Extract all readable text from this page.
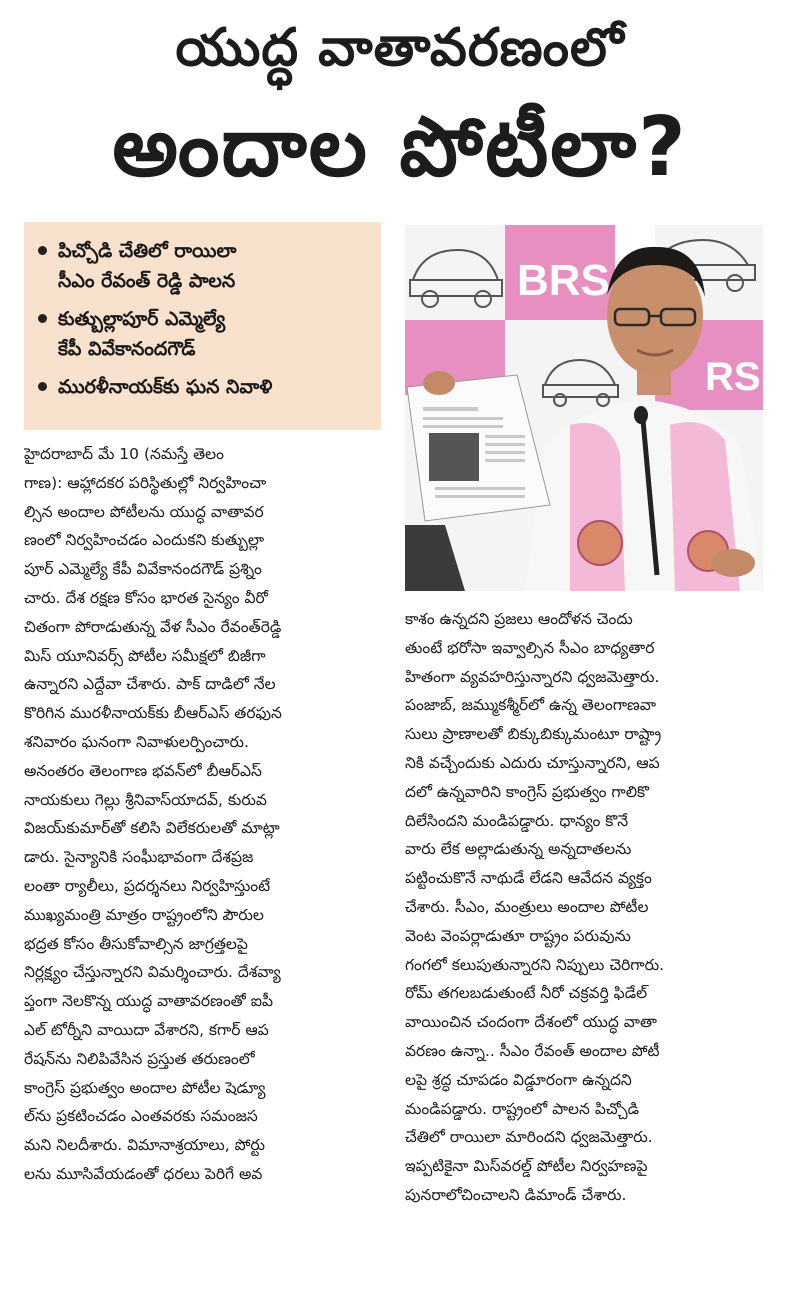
యుద్ధ వాతావరణంలో
అందాల పోటీలా?
పిచ్చోడి చేతిలో రాయిలా
సీఎం రేవంత్ రెడ్డి పాలన
కుత్బుల్లాపూర్ ఎమ్మెల్యే
కేపీ వివేకానందగౌడ్
మురళీనాయక్‌కు ఘన నివాళి
BRS
RS
హైదరాబాద్ మే 10 (నమస్తే తెలం
గాణ): ఆహ్లాదకర పరిస్థితుల్లో నిర్వహించా
ల్సిన అందాల పోటీలను యుద్ధ వాతావర
ణంలో నిర్వహించడం ఎందుకని కుత్బుల్లా
పూర్ ఎమ్మెల్యే కేపీ వివేకానందగౌడ్ ప్రశ్నిం
చారు. దేశ రక్షణ కోసం భారత సైన్యం వీరో
చితంగా పోరాడుతున్న వేళ సీఎం రేవంత్‌రెడ్డి
మిస్ యూనివర్స్ పోటీల సమీక్షలో బిజీగా
ఉన్నారని ఎద్దేవా చేశారు. పాక్ దాడిలో నేల
కొరిగిన మురళీనాయక్‌కు బీఆర్‌ఎస్ తరఫున
శనివారం ఘనంగా నివాళులర్పించారు.
అనంతరం తెలంగాణ భవన్‌లో బీఆర్‌ఎస్
నాయకులు గెల్లు శ్రీనివాస్‌యాదవ్, కురువ
విజయ్‌కుమార్‌తో కలిసి విలేకరులతో మాట్లా
డారు. సైన్యానికి సంఘీభావంగా దేశప్రజ
లంతా ర్యాలీలు, ప్రదర్శనలు నిర్వహిస్తుంటే
ముఖ్యమంత్రి మాత్రం రాష్ట్రంలోని పౌరుల
భద్రత కోసం తీసుకోవాల్సిన జాగ్రత్తలపై
నిర్లక్ష్యం చేస్తున్నారని విమర్శించారు. దేశవ్యా
ప్తంగా నెలకొన్న యుద్ధ వాతావరణంతో ఐపీ
ఎల్ టోర్నీని వాయిదా వేశారని, కగార్ ఆప
రేషన్‌ను నిలిపివేసిన ప్రస్తుత తరుణంలో
కాంగ్రెస్ ప్రభుత్వం అందాల పోటీల షెడ్యూ
ల్‌ను ప్రకటించడం ఎంతవరకు సమంజస
మని నిలదీశారు. విమానాశ్రయాలు, పోర్టు
లను మూసివేయడంతో ధరలు పెరిగే అవ
కాశం ఉన్నదని ప్రజలు ఆందోళన చెందు
తుంటే భరోసా ఇవ్వాల్సిన సీఎం బాధ్యతార
హితంగా వ్యవహరిస్తున్నారని ధ్వజమెత్తారు.
పంజాబ్, జమ్ముకశ్మీర్‌లో ఉన్న తెలంగాణవా
సులు ప్రాణాలతో బిక్కుబిక్కుమంటూ రాష్ట్రా
నికి వచ్చేందుకు ఎదురు చూస్తున్నారని, ఆప
దలో ఉన్నవారిని కాంగ్రెస్ ప్రభుత్వం గాలికొ
దిలేసిందని మండిపడ్డారు. ధాన్యం కొనే
వారు లేక అల్లాడుతున్న అన్నదాతలను
పట్టించుకొనే నాథుడే లేడని ఆవేదన వ్యక్తం
చేశారు. సీఎం, మంత్రులు అందాల పోటీల
వెంట వెంపర్లాడుతూ రాష్ట్రం పరువును
గంగలో కలుపుతున్నారని నిప్పులు చెరిగారు.
రోమ్ తగలబడుతుంటే నీరో చక్రవర్తి ఫిడేల్
వాయించిన చందంగా దేశంలో యుద్ధ వాతా
వరణం ఉన్నా.. సీఎం రేవంత్ అందాల పోటీ
లపై శ్రద్ధ చూపడం విడ్డూరంగా ఉన్నదని
మండిపడ్డారు. రాష్ట్రంలో పాలన పిచ్చోడి
చేతిలో రాయిలా మారిందని ధ్వజమెత్తారు.
ఇప్పటికైనా మిస్‌వరల్డ్ పోటీల నిర్వహణపై
పునరాలోచించాలని డిమాండ్ చేశారు.
